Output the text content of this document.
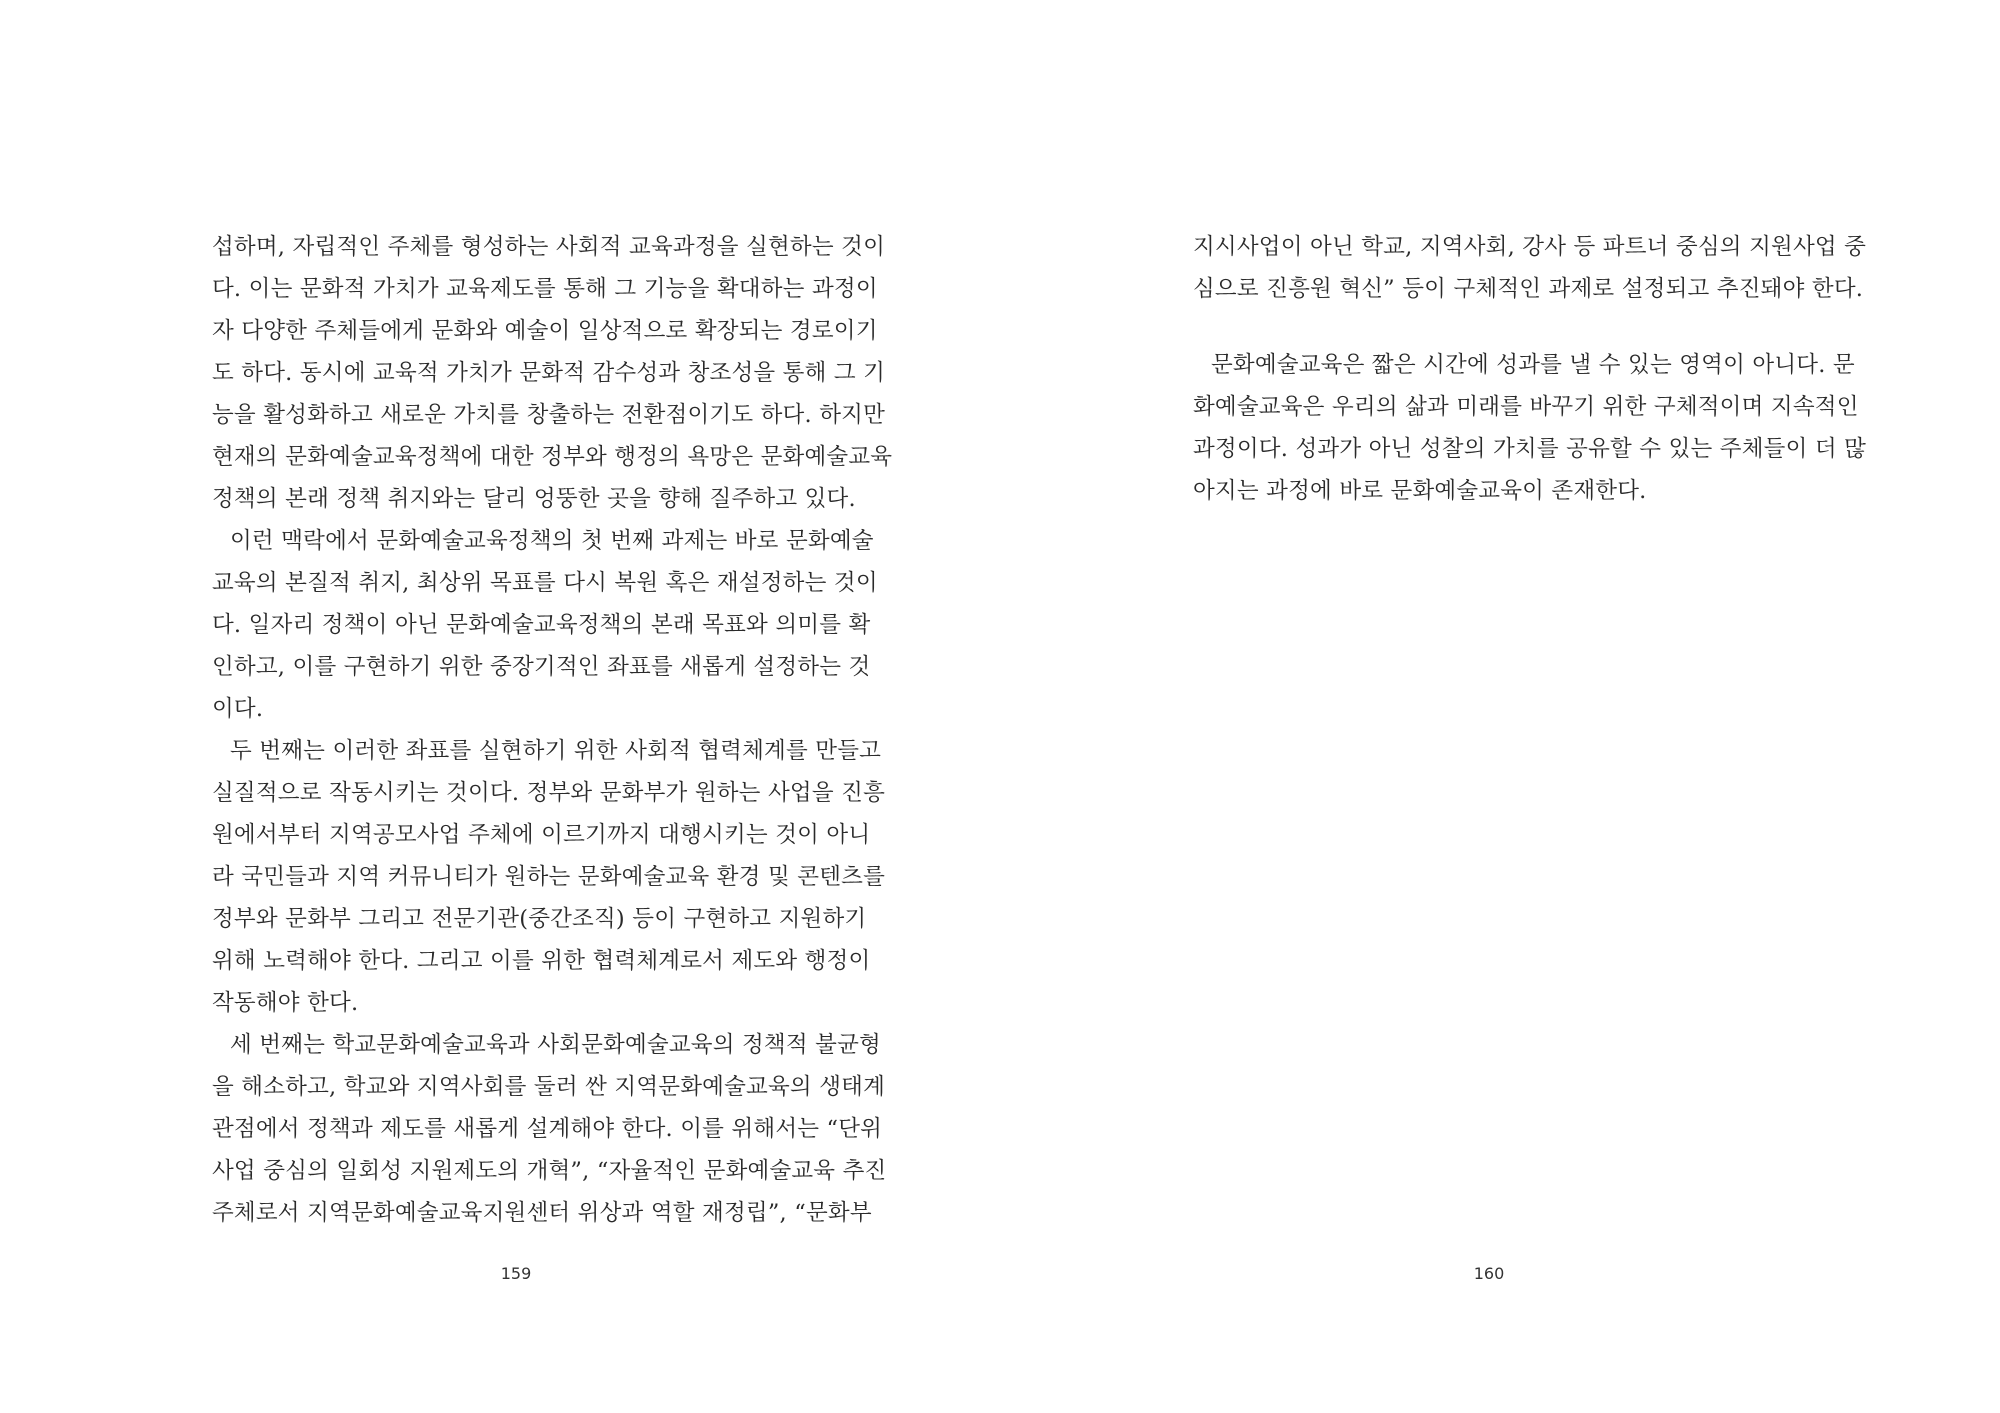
섭하며, 자립적인 주체를 형성하는 사회적 교육과정을 실현하는 것이
다. 이는 문화적 가치가 교육제도를 통해 그 기능을 확대하는 과정이
자 다양한 주체들에게 문화와 예술이 일상적으로 확장되는 경로이기
도 하다. 동시에 교육적 가치가 문화적 감수성과 창조성을 통해 그 기
능을 활성화하고 새로운 가치를 창출하는 전환점이기도 하다. 하지만
현재의 문화예술교육정책에 대한 정부와 행정의 욕망은 문화예술교육
정책의 본래 정책 취지와는 달리 엉뚱한 곳을 향해 질주하고 있다.
이런 맥락에서 문화예술교육정책의 첫 번째 과제는 바로 문화예술
교육의 본질적 취지, 최상위 목표를 다시 복원 혹은 재설정하는 것이
다. 일자리 정책이 아닌 문화예술교육정책의 본래 목표와 의미를 확
인하고, 이를 구현하기 위한 중장기적인 좌표를 새롭게 설정하는 것
이다.
두 번째는 이러한 좌표를 실현하기 위한 사회적 협력체계를 만들고
실질적으로 작동시키는 것이다. 정부와 문화부가 원하는 사업을 진흥
원에서부터 지역공모사업 주체에 이르기까지 대행시키는 것이 아니
라 국민들과 지역 커뮤니티가 원하는 문화예술교육 환경 및 콘텐츠를
정부와 문화부 그리고 전문기관(중간조직) 등이 구현하고 지원하기
위해 노력해야 한다. 그리고 이를 위한 협력체계로서 제도와 행정이
작동해야 한다.
세 번째는 학교문화예술교육과 사회문화예술교육의 정책적 불균형
을 해소하고, 학교와 지역사회를 둘러 싼 지역문화예술교육의 생태계
관점에서 정책과 제도를 새롭게 설계해야 한다. 이를 위해서는 “단위
사업 중심의 일회성 지원제도의 개혁”, “자율적인 문화예술교육 추진
주체로서 지역문화예술교육지원센터 위상과 역할 재정립”, “문화부
159
지시사업이 아닌 학교, 지역사회, 강사 등 파트너 중심의 지원사업 중
심으로 진흥원 혁신” 등이 구체적인 과제로 설정되고 추진돼야 한다.
문화예술교육은 짧은 시간에 성과를 낼 수 있는 영역이 아니다. 문
화예술교육은 우리의 삶과 미래를 바꾸기 위한 구체적이며 지속적인
과정이다. 성과가 아닌 성찰의 가치를 공유할 수 있는 주체들이 더 많
아지는 과정에 바로 문화예술교육이 존재한다.
160
